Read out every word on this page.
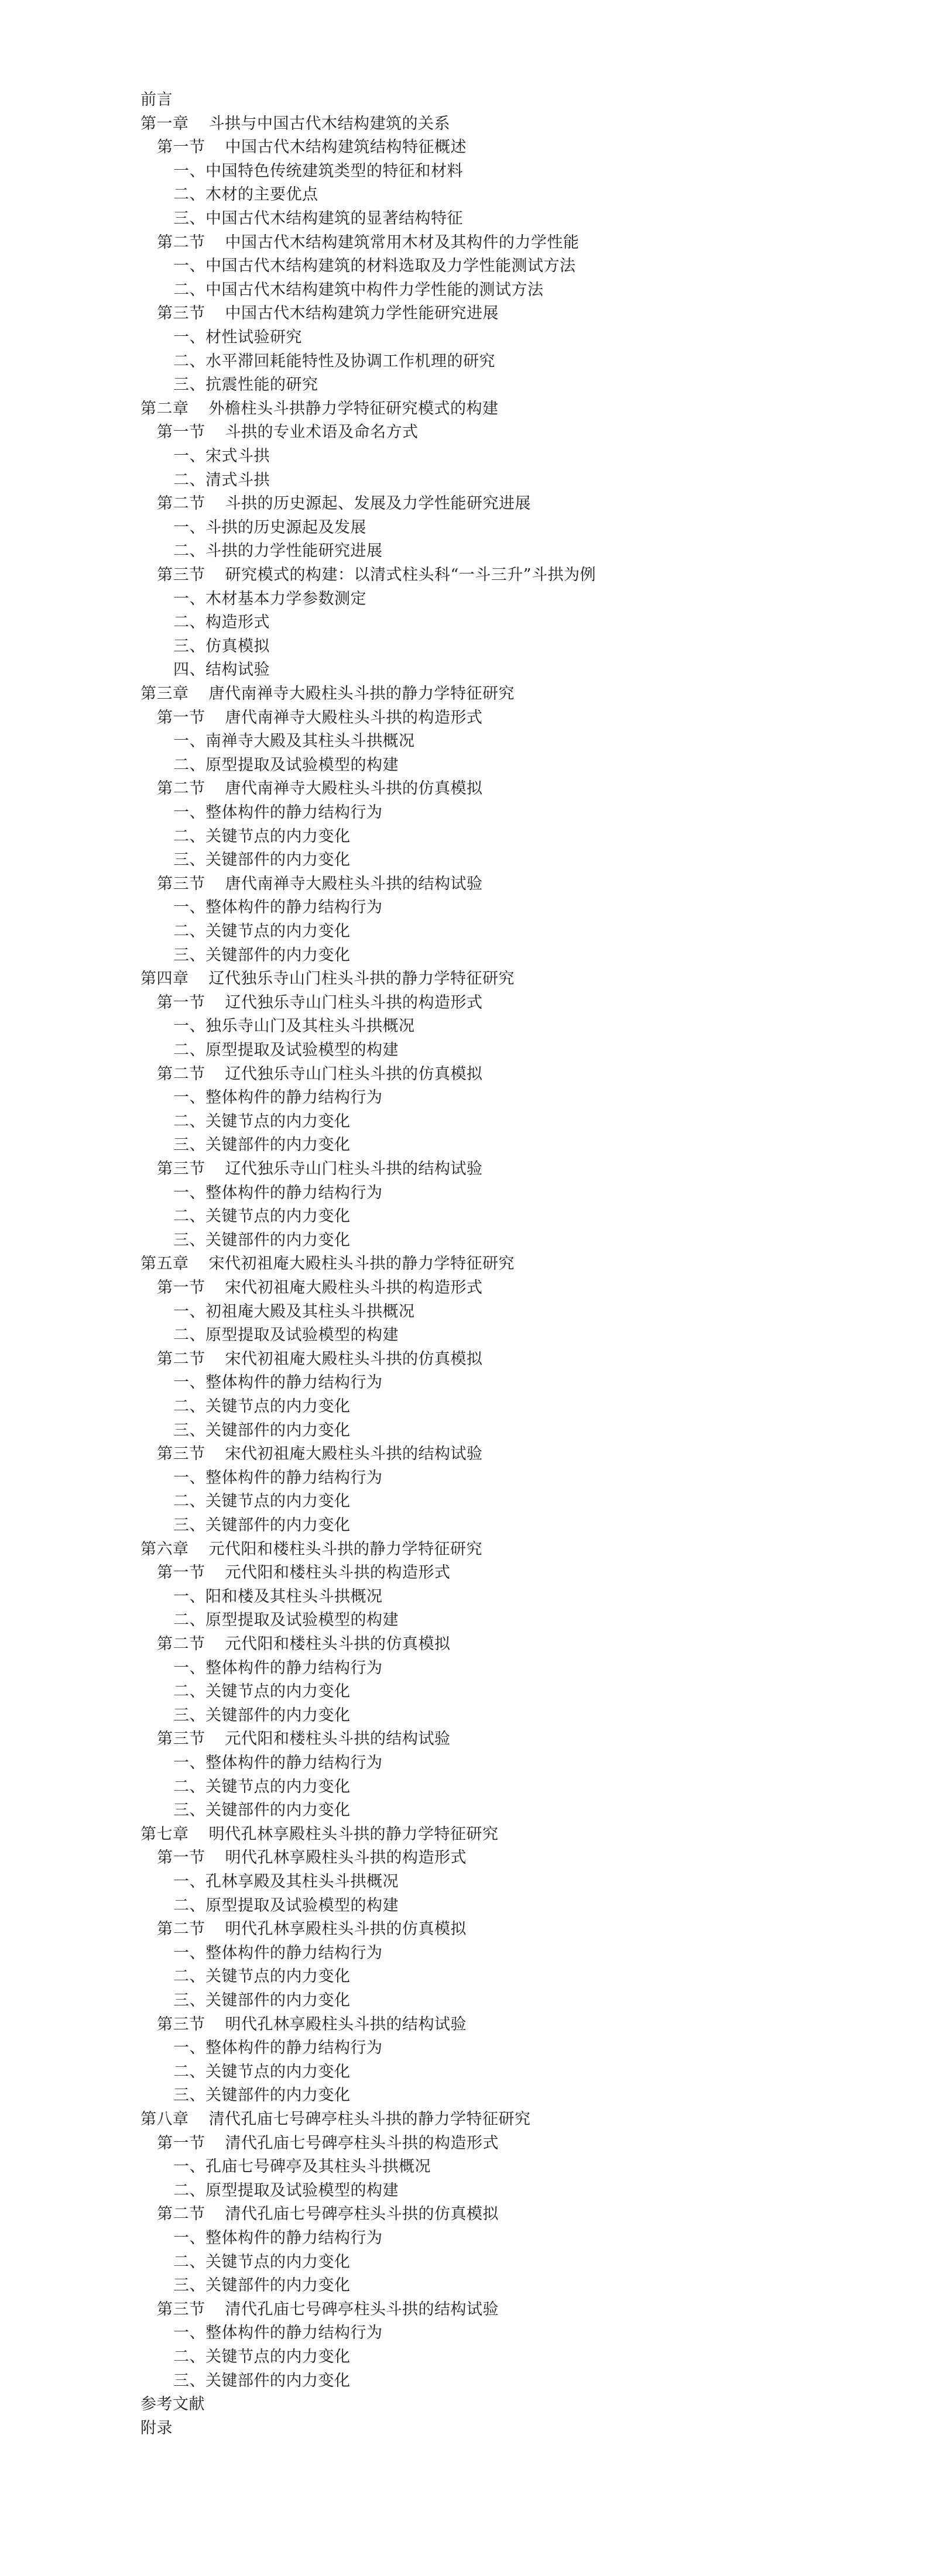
前言
第一章 斗拱与中国古代木结构建筑的关系
第一节 中国古代木结构建筑结构特征概述
一、中国特色传统建筑类型的特征和材料
二、木材的主要优点
三、中国古代木结构建筑的显著结构特征
第二节 中国古代木结构建筑常用木材及其构件的力学性能
一、中国古代木结构建筑的材料选取及力学性能测试方法
二、中国古代木结构建筑中构件力学性能的测试方法
第三节 中国古代木结构建筑力学性能研究进展
一、材性试验研究
二、水平滞回耗能特性及协调工作机理的研究
三、抗震性能的研究
第二章 外檐柱头斗拱静力学特征研究模式的构建
第一节 斗拱的专业术语及命名方式
一、宋式斗拱
二、清式斗拱
第二节 斗拱的历史源起、发展及力学性能研究进展
一、斗拱的历史源起及发展
二、斗拱的力学性能研究进展
第三节 研究模式的构建：以清式柱头科“一斗三升”斗拱为例
一、木材基本力学参数测定
二、构造形式
三、仿真模拟
四、结构试验
第三章 唐代南禅寺大殿柱头斗拱的静力学特征研究
第一节 唐代南禅寺大殿柱头斗拱的构造形式
一、南禅寺大殿及其柱头斗拱概况
二、原型提取及试验模型的构建
第二节 唐代南禅寺大殿柱头斗拱的仿真模拟
一、整体构件的静力结构行为
二、关键节点的内力变化
三、关键部件的内力变化
第三节 唐代南禅寺大殿柱头斗拱的结构试验
一、整体构件的静力结构行为
二、关键节点的内力变化
三、关键部件的内力变化
第四章 辽代独乐寺山门柱头斗拱的静力学特征研究
第一节 辽代独乐寺山门柱头斗拱的构造形式
一、独乐寺山门及其柱头斗拱概况
二、原型提取及试验模型的构建
第二节 辽代独乐寺山门柱头斗拱的仿真模拟
一、整体构件的静力结构行为
二、关键节点的内力变化
三、关键部件的内力变化
第三节 辽代独乐寺山门柱头斗拱的结构试验
一、整体构件的静力结构行为
二、关键节点的内力变化
三、关键部件的内力变化
第五章 宋代初祖庵大殿柱头斗拱的静力学特征研究
第一节 宋代初祖庵大殿柱头斗拱的构造形式
一、初祖庵大殿及其柱头斗拱概况
二、原型提取及试验模型的构建
第二节 宋代初祖庵大殿柱头斗拱的仿真模拟
一、整体构件的静力结构行为
二、关键节点的内力变化
三、关键部件的内力变化
第三节 宋代初祖庵大殿柱头斗拱的结构试验
一、整体构件的静力结构行为
二、关键节点的内力变化
三、关键部件的内力变化
第六章 元代阳和楼柱头斗拱的静力学特征研究
第一节 元代阳和楼柱头斗拱的构造形式
一、阳和楼及其柱头斗拱概况
二、原型提取及试验模型的构建
第二节 元代阳和楼柱头斗拱的仿真模拟
一、整体构件的静力结构行为
二、关键节点的内力变化
三、关键部件的内力变化
第三节 元代阳和楼柱头斗拱的结构试验
一、整体构件的静力结构行为
二、关键节点的内力变化
三、关键部件的内力变化
第七章 明代孔林享殿柱头斗拱的静力学特征研究
第一节 明代孔林享殿柱头斗拱的构造形式
一、孔林享殿及其柱头斗拱概况
二、原型提取及试验模型的构建
第二节 明代孔林享殿柱头斗拱的仿真模拟
一、整体构件的静力结构行为
二、关键节点的内力变化
三、关键部件的内力变化
第三节 明代孔林享殿柱头斗拱的结构试验
一、整体构件的静力结构行为
二、关键节点的内力变化
三、关键部件的内力变化
第八章 清代孔庙七号碑亭柱头斗拱的静力学特征研究
第一节 清代孔庙七号碑亭柱头斗拱的构造形式
一、孔庙七号碑亭及其柱头斗拱概况
二、原型提取及试验模型的构建
第二节 清代孔庙七号碑亭柱头斗拱的仿真模拟
一、整体构件的静力结构行为
二、关键节点的内力变化
三、关键部件的内力变化
第三节 清代孔庙七号碑亭柱头斗拱的结构试验
一、整体构件的静力结构行为
二、关键节点的内力变化
三、关键部件的内力变化
参考文献
附录
